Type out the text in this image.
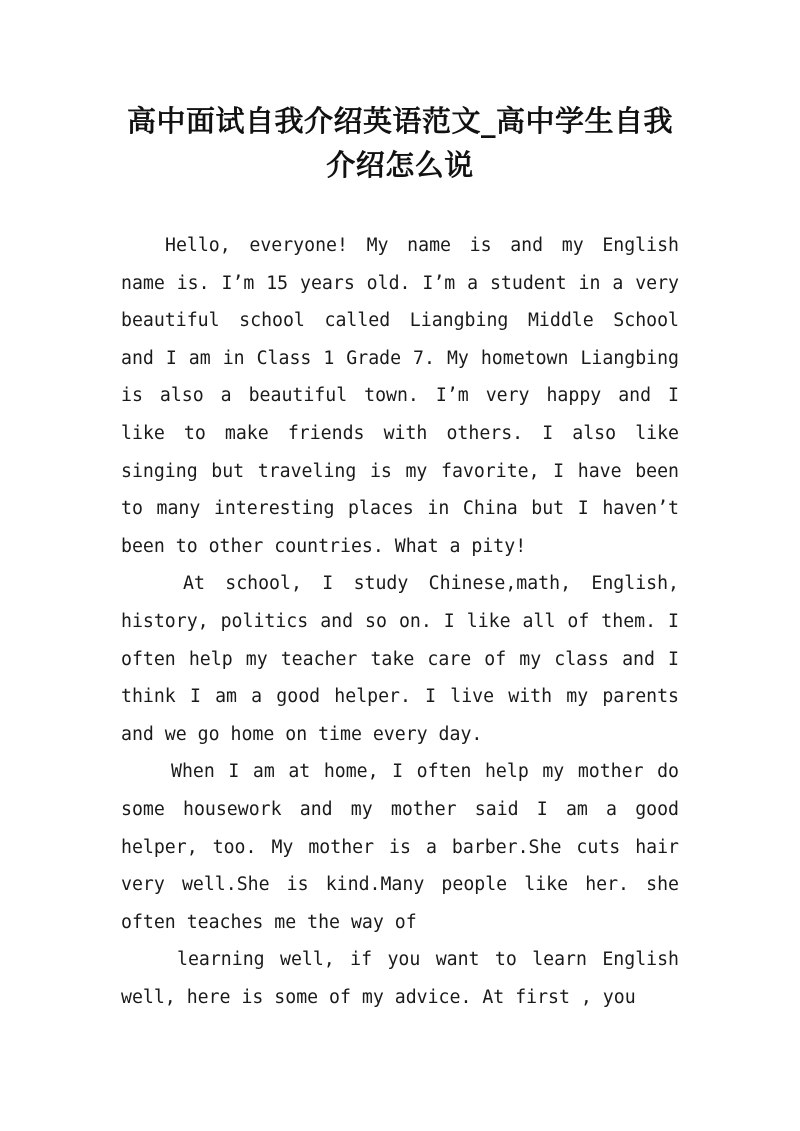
高中面试自我介绍英语范文_高中学生自我
介绍怎么说

Hello, everyone! My name is and my English name is. I’m 15 years old. I’m a student in a very beautiful school called Liangbing Middle School and I am in Class 1 Grade 7. My hometown Liangbing is also a beautiful town. I’m very happy and I like to make friends with others. I also like singing but traveling is my favorite, I have been to many interesting places in China but I haven’t been to other countries. What a pity!

At school, I study Chinese,math, English, history, politics and so on. I like all of them. I often help my teacher take care of my class and I think I am a good helper. I live with my parents and we go home on time every day.

When I am at home, I often help my mother do some housework and my mother said I am a good helper, too. My mother is a barber.She cuts hair very well.She is kind.Many people like her. she often teaches me the way of

learning well, if you want to learn English well, here is some of my advice. At first , you
